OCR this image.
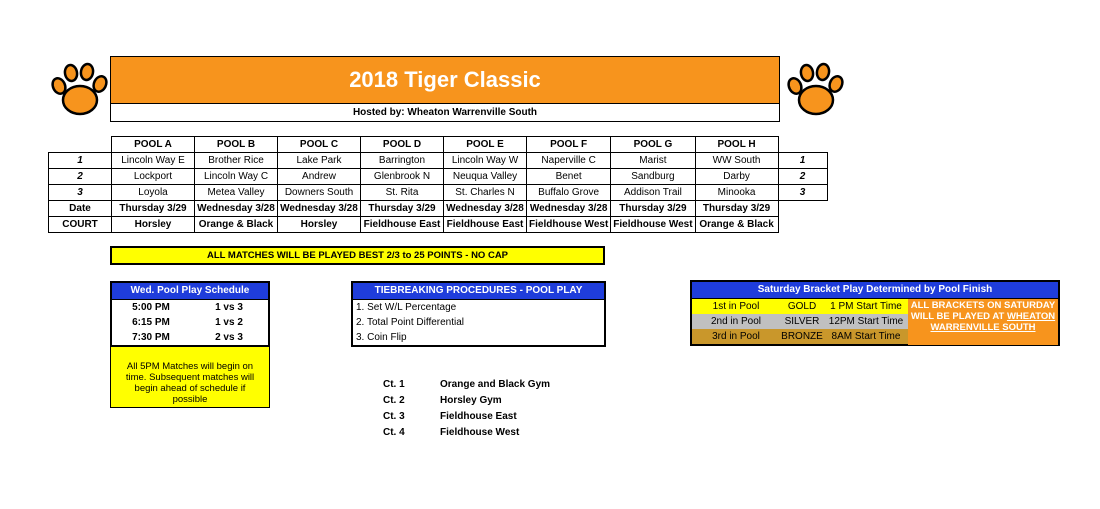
2018 Tiger Classic
Hosted by: Wheaton Warrenville South
	POOL A	POOL B	POOL C	POOL D	POOL E	POOL F	POOL G	POOL H	
1	Lincoln Way E	Brother Rice	Lake Park	Barrington	Lincoln Way W	Naperville C	Marist	WW South	1
2	Lockport	Lincoln Way C	Andrew	Glenbrook N	Neuqua Valley	Benet	Sandburg	Darby	2
3	Loyola	Metea Valley	Downers South	St. Rita	St. Charles N	Buffalo Grove	Addison Trail	Minooka	3
Date	Thursday 3/29	Wednesday 3/28	Wednesday 3/28	Thursday 3/29	Wednesday 3/28	Wednesday 3/28	Thursday 3/29	Thursday 3/29	
COURT	Horsley	Orange & Black	Horsley	Fieldhouse East	Fieldhouse East	Fieldhouse West	Fieldhouse West	Orange & Black	
ALL MATCHES WILL BE PLAYED BEST 2/3 to 25 POINTS - NO CAP
Wed. Pool Play Schedule
5:00 PM	1 vs 3
6:15 PM	1 vs 2
7:30 PM	2 vs 3
All 5PM Matches will begin on time. Subsequent matches will begin ahead of schedule if possible
TIEBREAKING PROCEDURES - POOL PLAY
1. Set W/L Percentage
2. Total Point Differential
3. Coin Flip
Ct. 1	Orange and Black Gym
Ct. 2	Horsley Gym
Ct. 3	Fieldhouse East
Ct. 4	Fieldhouse West
Saturday Bracket Play Determined by Pool Finish
1st in Pool	GOLD	1 PM Start Time
2nd in Pool	SILVER 12PM Start Time
3rd in Pool	BRONZE 8AM Start Time
ALL BRACKETS ON SATURDAY WILL BE PLAYED AT WHEATON WARRENVILLE SOUTH
